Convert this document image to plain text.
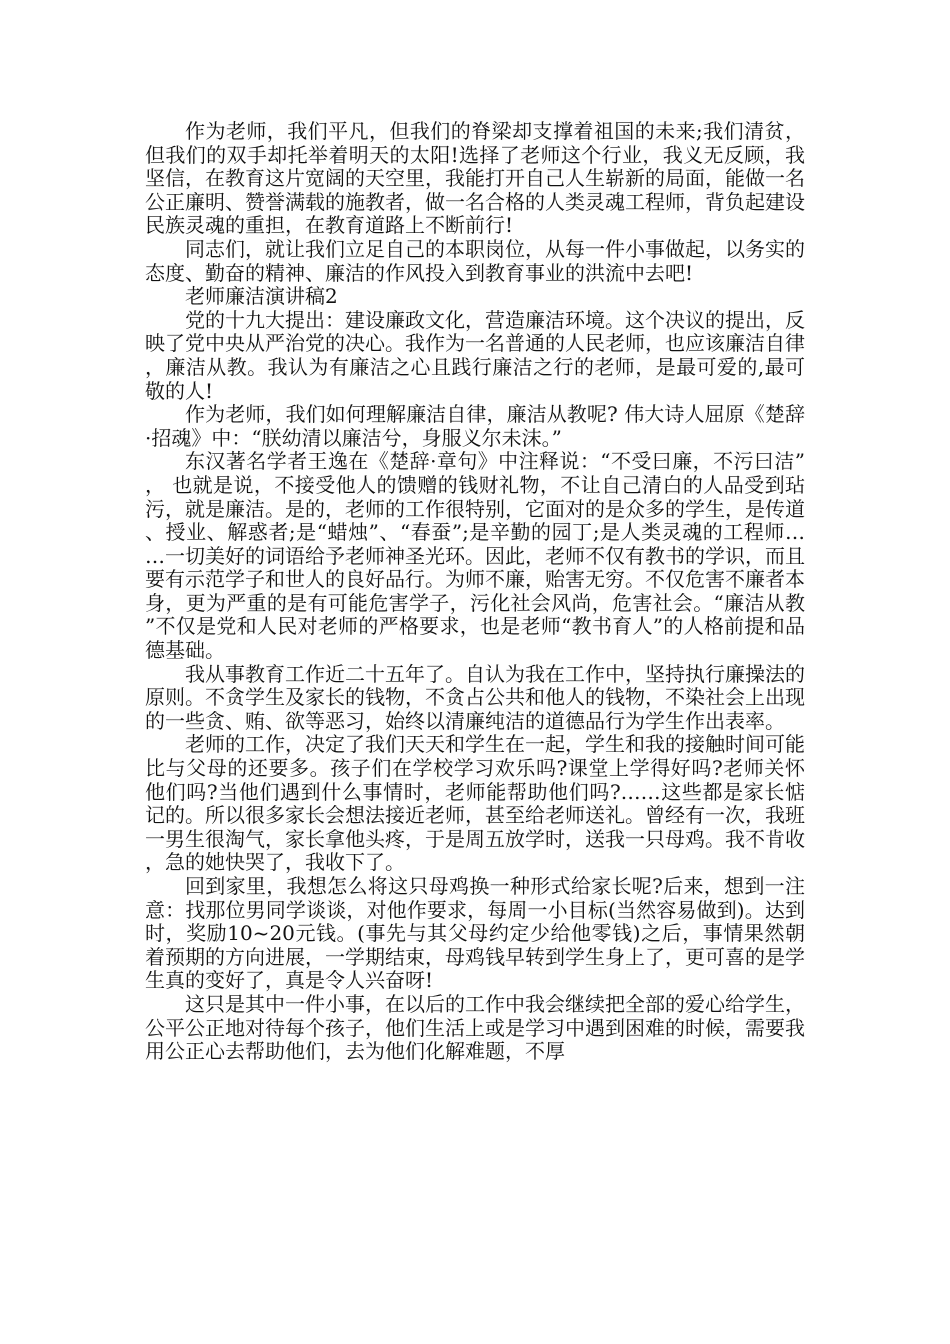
作为老师，我们平凡，但我们的脊梁却支撑着祖国的未来;我们清贫，但我们的双手却托举着明天的太阳!选择了老师这个行业，我义无反顾，我坚信，在教育这片宽阔的天空里，我能打开自己人生崭新的局面，能做一名公正廉明、赞誉满载的施教者，做一名合格的人类灵魂工程师，背负起建设民族灵魂的重担，在教育道路上不断前行!

同志们，就让我们立足自己的本职岗位，从每一件小事做起，以务实的态度、勤奋的精神、廉洁的作风投入到教育事业的洪流中去吧!

老师廉洁演讲稿2

党的十九大提出：建设廉政文化，营造廉洁环境。这个决议的提出，反映了党中央从严治党的决心。我作为一名普通的人民老师，也应该廉洁自律，廉洁从教。我认为有廉洁之心且践行廉洁之行的老师，是最可爱的,最可敬的人!

作为老师，我们如何理解廉洁自律，廉洁从教呢? 伟大诗人屈原《楚辞·招魂》中：“朕幼清以廉洁兮，身服义尔未沫。”

东汉著名学者王逸在《楚辞·章句》中注释说：“不受曰廉，不污曰洁”， 也就是说，不接受他人的馈赠的钱财礼物，不让自己清白的人品受到玷污，就是廉洁。是的，老师的工作很特别，它面对的是众多的学生，是传道、授业、解惑者;是“蜡烛”、“春蚕”;是辛勤的园丁;是人类灵魂的工程师……一切美好的词语给予老师神圣光环。因此，老师不仅有教书的学识，而且要有示范学子和世人的良好品行。为师不廉，贻害无穷。不仅危害不廉者本身，更为严重的是有可能危害学子，污化社会风尚，危害社会。“廉洁从教”不仅是党和人民对老师的严格要求，也是老师“教书育人”的人格前提和品德基础。

我从事教育工作近二十五年了。自认为我在工作中，坚持执行廉操法的原则。不贪学生及家长的钱物，不贪占公共和他人的钱物，不染社会上出现的一些贪、贿、欲等恶习，始终以清廉纯洁的道德品行为学生作出表率。

老师的工作，决定了我们天天和学生在一起，学生和我的接触时间可能比与父母的还要多。孩子们在学校学习欢乐吗?课堂上学得好吗?老师关怀他们吗?当他们遇到什么事情时，老师能帮助他们吗?……这些都是家长惦记的。所以很多家长会想法接近老师，甚至给老师送礼。曾经有一次，我班一男生很淘气，家长拿他头疼，于是周五放学时，送我一只母鸡。我不肯收，急的她快哭了，我收下了。

回到家里，我想怎么将这只母鸡换一种形式给家长呢?后来，想到一注意：找那位男同学谈谈，对他作要求，每周一小目标(当然容易做到)。达到时，奖励10~20元钱。(事先与其父母约定少给他零钱)之后，事情果然朝着预期的方向进展，一学期结束，母鸡钱早转到学生身上了，更可喜的是学生真的变好了，真是令人兴奋呀!

这只是其中一件小事，在以后的工作中我会继续把全部的爱心给学生，公平公正地对待每个孩子，他们生活上或是学习中遇到困难的时候，需要我用公正心去帮助他们，去为他们化解难题，不厚
